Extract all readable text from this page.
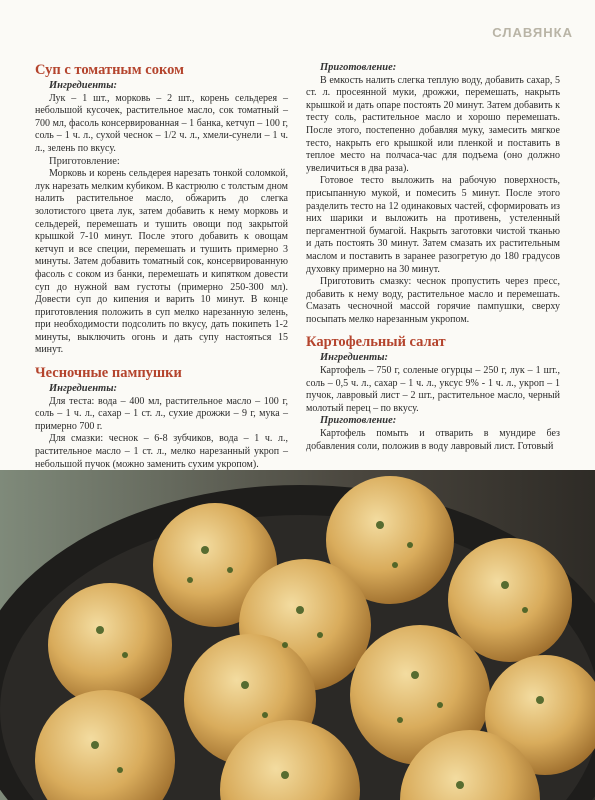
СЛАВЯНКА
Суп с томатным соком

Ингредиенты:

Лук – 1 шт., морковь – 2 шт., корень сельдерея – небольшой кусочек, растительное масло, сок томатный – 700 мл, фасоль консервированная – 1 банка, кетчуп – 100 г, соль – 1 ч. л., сухой чеснок – 1/2 ч. л., хмели-сунели – 1 ч. л., зелень по вкусу.

Приготовление:

Морковь и корень сельдерея нарезать тонкой соломкой, лук нарезать мелким кубиком. В кастрюлю с толстым дном налить растительное масло, обжарить до слегка золотистого цвета лук, затем добавить к нему морковь и сельдерей, перемешать и тушить овощи под закрытой крышкой 7-10 минут. После этого добавить к овощам кетчуп и все специи, перемешать и тушить примерно 3 минуты. Затем добавить томатный сок, консервированную фасоль с соком из банки, перемешать и кипятком довести суп до нужной вам густоты (примерно 250-300 мл). Довести суп до кипения и варить 10 минут. В конце приготовления положить в суп мелко нарезанную зелень, при необходимости подсолить по вкусу, дать покипеть 1-2 минуты, выключить огонь и дать супу настояться 15 минут.

Чесночные пампушки

Ингредиенты:

Для теста: вода – 400 мл, растительное масло – 100 г, соль – 1 ч. л., сахар – 1 ст. л., сухие дрожжи – 9 г, мука – примерно 700 г.

Для смазки: чеснок – 6-8 зубчиков, вода – 1 ч. л., растительное масло – 1 ст. л., мелко нарезанный укроп – небольшой пучок (можно заменить сухим укропом).

Приготовление:

В емкость налить слегка теплую воду, добавить сахар, 5 ст. л. просеянной муки, дрожжи, перемешать, накрыть крышкой и дать опаре постоять 20 минут. Затем добавить к тесту соль, растительное масло и хорошо перемешать. После этого, постепенно добавляя муку, замесить мягкое тесто, накрыть его крышкой или пленкой и поставить в теплое место на полчаса-час для подъема (оно должно увеличиться в два раза).

Готовое тесто выложить на рабочую поверхность, присыпанную мукой, и помесить 5 минут. После этого разделить тесто на 12 одинаковых частей, сформировать из них шарики и выложить на противень, устеленный пергаментной бумагой. Накрыть заготовки чистой тканью и дать постоять 30 минут. Затем смазать их растительным маслом и поставить в заранее разогретую до 180 градусов духовку примерно на 30 минут.

Приготовить смазку: чеснок пропустить через пресс, добавить к нему воду, растительное масло и перемешать. Смазать чесночной массой горячие пампушки, сверху посыпать мелко нарезанным укропом.

Картофельный салат

Ингредиенты:

Картофель – 750 г, соленые огурцы – 250 г, лук – 1 шт., соль – 0,5 ч. л., сахар – 1 ч. л., уксус 9% - 1 ч. л., укроп – 1 пучок, лавровый лист – 2 шт., растительное масло, черный молотый перец – по вкусу.

Приготовление:

Картофель помыть и отварить в мундире без добавления соли, положив в воду лавровый лист. Готовый
